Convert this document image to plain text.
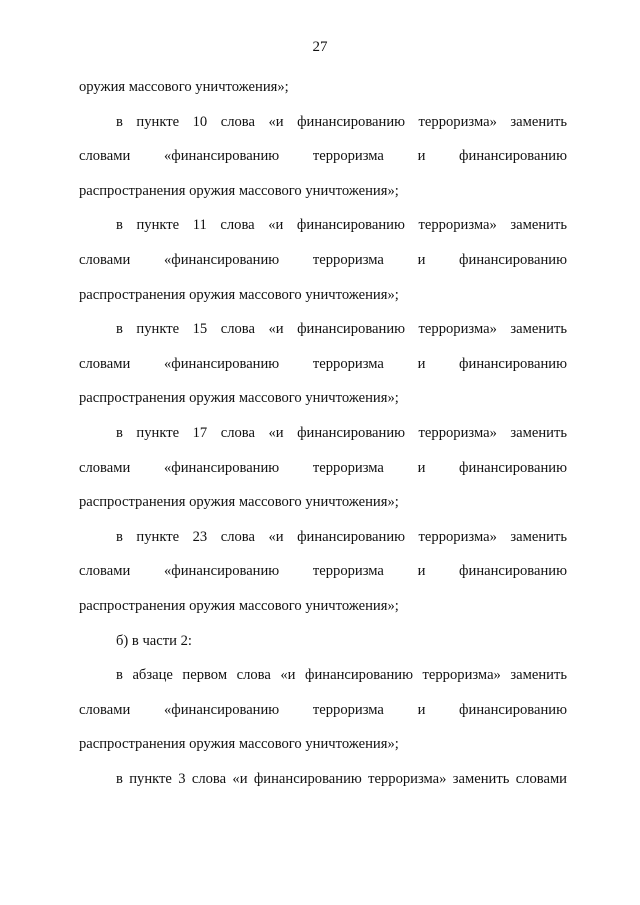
27
оружия массового уничтожения»;
в пункте 10 слова «и финансированию терроризма» заменить
словами «финансированию терроризма и финансированию
распространения оружия массового уничтожения»;
в пункте 11 слова «и финансированию терроризма» заменить
словами «финансированию терроризма и финансированию
распространения оружия массового уничтожения»;
в пункте 15 слова «и финансированию терроризма» заменить
словами «финансированию терроризма и финансированию
распространения оружия массового уничтожения»;
в пункте 17 слова «и финансированию терроризма» заменить
словами «финансированию терроризма и финансированию
распространения оружия массового уничтожения»;
в пункте 23 слова «и финансированию терроризма» заменить
словами «финансированию терроризма и финансированию
распространения оружия массового уничтожения»;
б) в части 2:
в абзаце первом слова «и финансированию терроризма» заменить
словами «финансированию терроризма и финансированию
распространения оружия массового уничтожения»;
в пункте 3 слова «и финансированию терроризма» заменить словами
